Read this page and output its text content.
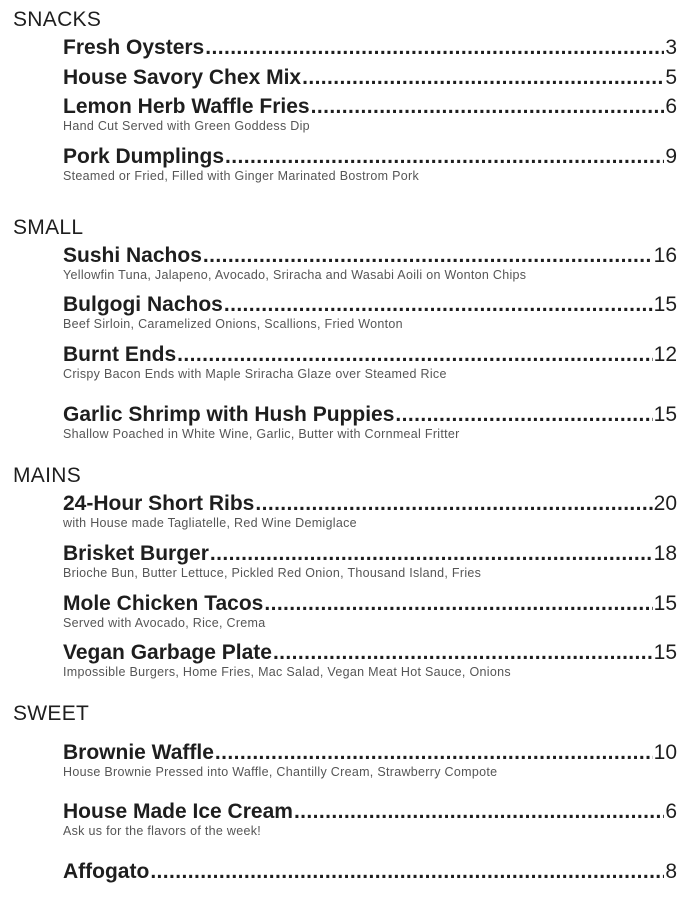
SNACKS
Fresh Oysters .....	3
House Savory Chex Mix .....	5
Lemon Herb Waffle Fries .....	6
Hand Cut Served with Green Goddess Dip
Pork Dumplings .....	9
Steamed or Fried, Filled with Ginger Marinated Bostrom Pork
SMALL
Sushi Nachos .....	16
Yellowfin Tuna, Jalapeno, Avocado, Sriracha and Wasabi Aoili on Wonton Chips
Bulgogi Nachos .....	15
Beef Sirloin, Caramelized Onions, Scallions, Fried Wonton
Burnt Ends .....	12
Crispy Bacon Ends with Maple Sriracha Glaze over Steamed Rice
Garlic Shrimp with Hush Puppies .....	15
Shallow Poached in White Wine, Garlic, Butter with Cornmeal Fritter
MAINS
24-Hour Short Ribs .....	20
with House made Tagliatelle, Red Wine Demiglace
Brisket Burger .....	18
Brioche Bun, Butter Lettuce, Pickled Red Onion, Thousand Island, Fries
Mole Chicken Tacos .....	15
Served with Avocado, Rice, Crema
Vegan Garbage Plate .....	15
Impossible Burgers, Home Fries, Mac Salad, Vegan Meat Hot Sauce, Onions
SWEET
Brownie Waffle .....	10
House Brownie Pressed into Waffle, Chantilly Cream, Strawberry Compote
House Made Ice Cream .....	6
Ask us for the flavors of the week!
Affogato .....	8
